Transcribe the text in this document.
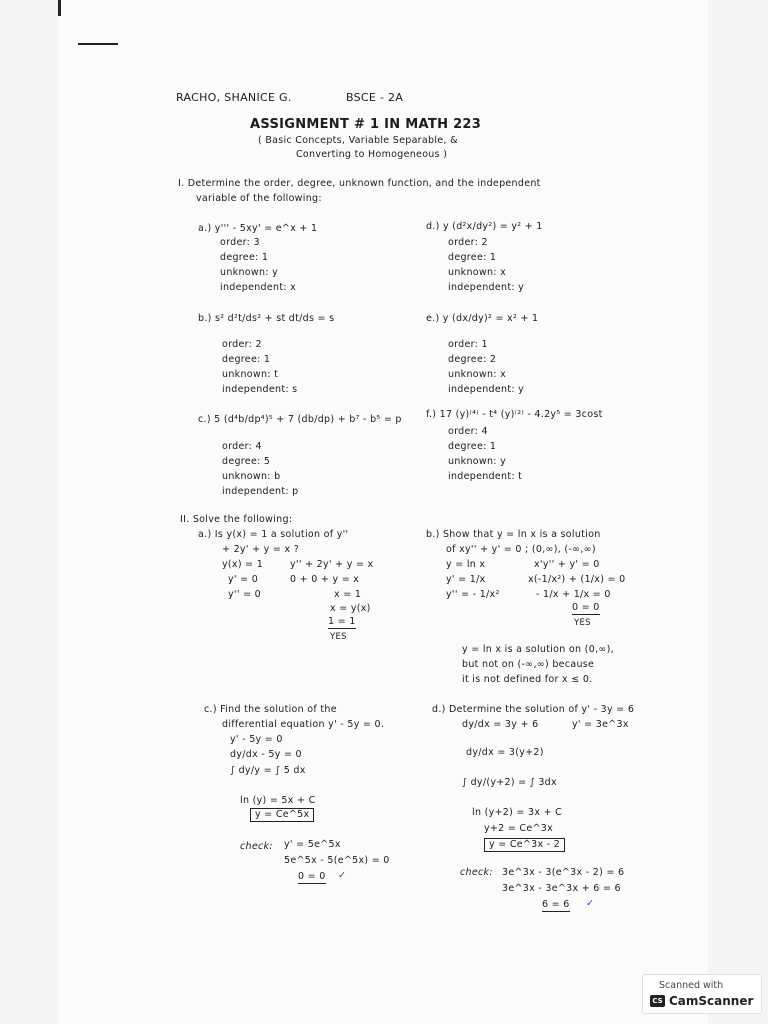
RACHO, SHANICE G.	BSCE - 2A
ASSIGNMENT # 1 IN MATH 223
( Basic Concepts, Variable Separable, &
Converting to Homogeneous )
I. Determine the order, degree, unknown function, and the independent
variable of the following:
a.) y''' - 5xy' = e^x + 1
order: 3
degree: 1
unknown: y
independent: x
d.) y (d²x/dy²) = y² + 1
order: 2
degree: 1
unknown: x
independent: y
b.) s² d²t/ds² + st dt/ds = s
order: 2
degree: 1
unknown: t
independent: s
e.) y (dx/dy)² = x² + 1
order: 1
degree: 2
unknown: x
independent: y
c.) 5 (d⁴b/dp⁴)⁵ + 7 (db/dp) + b⁷ - b⁵ = p
order: 4
degree: 5
unknown: b
independent: p
f.) 17 (y)⁽⁴⁾ - t⁴ (y)⁽²⁾ - 4.2y⁵ = 3cost
order: 4
degree: 1
unknown: y
independent: t
II. Solve the following:
a.) Is y(x) = 1 a solution of y''
+ 2y' + y = x ?
y(x) = 1
y' = 0
y'' = 0
y'' + 2y' + y = x
0 + 0 + y = x
x = 1
x = y(x)
1 = 1
YES
b.) Show that y = ln x is a solution
of xy'' + y' = 0 ; (0,∞), (-∞,∞)
y = ln x
y' = 1/x
y'' = - 1/x²
x'y'' + y' = 0
x(-1/x²) + (1/x) = 0
- 1/x + 1/x = 0
0 = 0
YES
y = ln x is a solution on (0,∞),
but not on (-∞,∞) because
it is not defined for x ≤ 0.
c.) Find the solution of the
differential equation y' - 5y = 0.
y' - 5y = 0
dy/dx - 5y = 0
∫ dy/y = ∫ 5 dx
ln (y) = 5x + C
y = Ce^5x
check: y' = 5e^5x
5e^5x - 5(e^5x) = 0
0 = 0 ✓
d.) Determine the solution of y' - 3y = 6
dy/dx = 3y + 6	y' = 3e^3x
dy/dx = 3(y+2)
∫ dy/(y+2) = ∫ 3dx
ln (y+2) = 3x + C
y+2 = Ce^3x
y = Ce^3x - 2
check: 3e^3x - 3(e^3x - 2) = 6
3e^3x - 3e^3x + 6 = 6
6 = 6 ✓
Scanned with
CS CamScanner
